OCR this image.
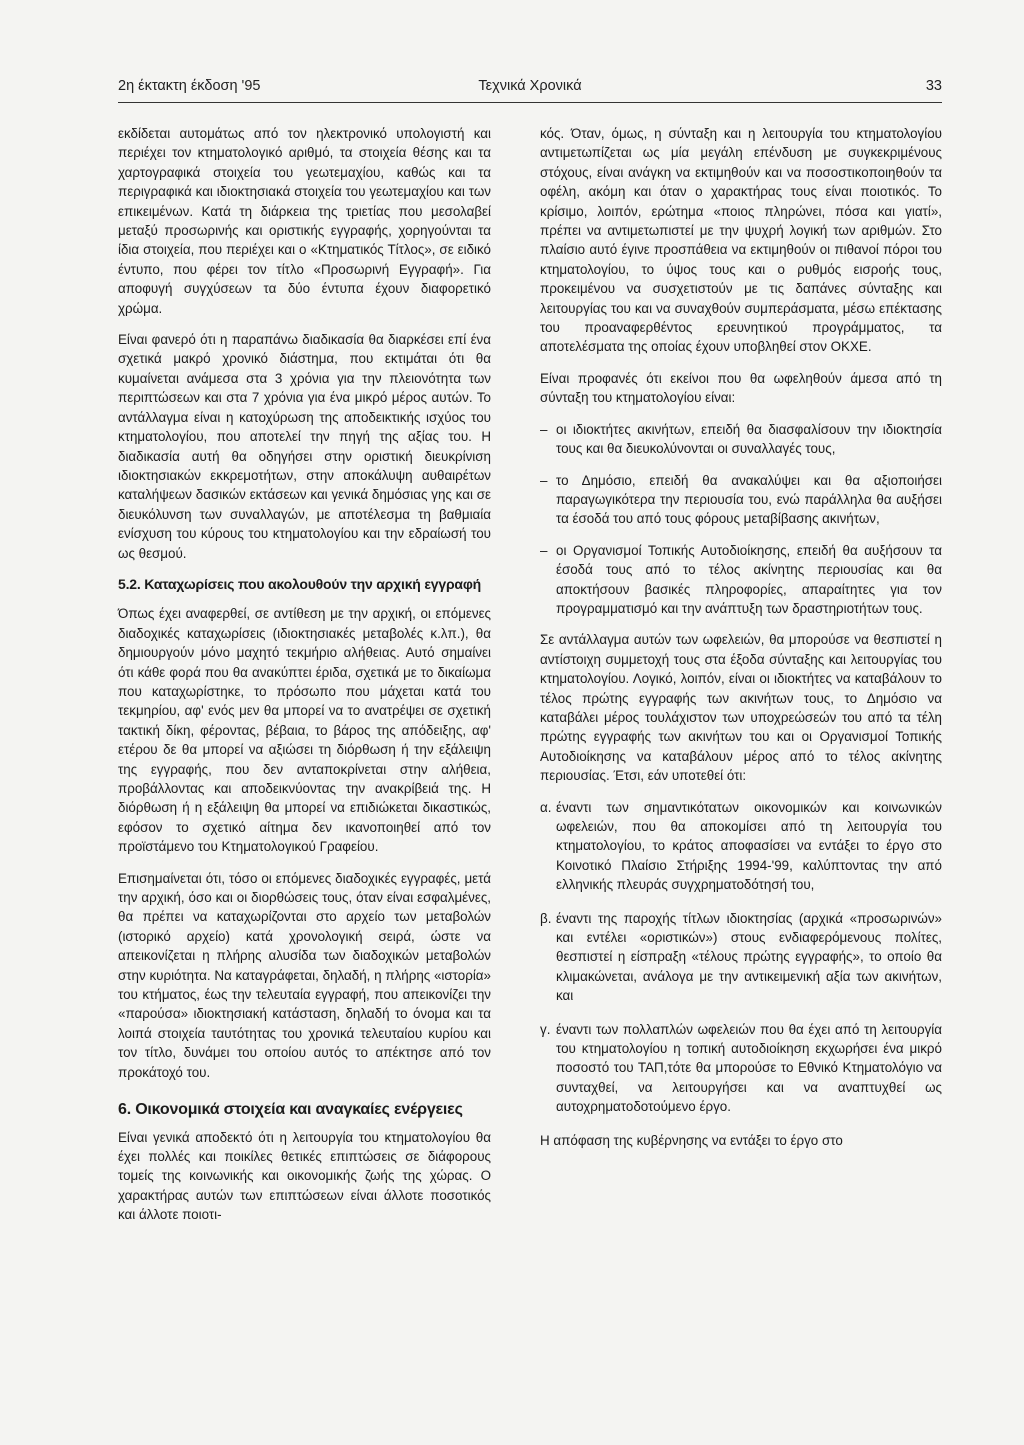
2η έκτακτη έκδοση '95	Τεχνικά Χρονικά	33

εκδίδεται αυτομάτως από τον ηλεκτρονικό υπολογιστή και περιέχει τον κτηματολογικό αριθμό, τα στοιχεία θέσης και τα χαρτογραφικά στοιχεία του γεωτεμαχίου, καθώς και τα περιγραφικά και ιδιοκτησιακά στοιχεία του γεωτεμαχίου και των επικειμένων. Κατά τη διάρκεια της τριετίας που μεσολαβεί μεταξύ προσωρινής και οριστικής εγγραφής, χορηγούνται τα ίδια στοιχεία, που περιέχει και ο «Κτηματικός Τίτλος», σε ειδικό έντυπο, που φέρει τον τίτλο «Προσωρινή Εγγραφή». Για αποφυγή συγχύσεων τα δύο έντυπα έχουν διαφορετικό χρώμα.

Είναι φανερό ότι η παραπάνω διαδικασία θα διαρκέσει επί ένα σχετικά μακρό χρονικό διάστημα, που εκτιμάται ότι θα κυμαίνεται ανάμεσα στα 3 χρόνια για την πλειονότητα των περιπτώσεων και στα 7 χρόνια για ένα μικρό μέρος αυτών. Το αντάλλαγμα είναι η κατοχύρωση της αποδεικτικής ισχύος του κτηματολογίου, που αποτελεί την πηγή της αξίας του. Η διαδικασία αυτή θα οδηγήσει στην οριστική διευκρίνιση ιδιοκτησιακών εκκρεμοτήτων, στην αποκάλυψη αυθαιρέτων καταλήψεων δασικών εκτάσεων και γενικά δημόσιας γης και σε διευκόλυνση των συναλλαγών, με αποτέλεσμα τη βαθμιαία ενίσχυση του κύρους του κτηματολογίου και την εδραίωσή του ως θεσμού.

5.2. Καταχωρίσεις που ακολουθούν την αρχική εγγραφή

Όπως έχει αναφερθεί, σε αντίθεση με την αρχική, οι επόμενες διαδοχικές καταχωρίσεις (ιδιοκτησιακές μεταβολές κ.λπ.), θα δημιουργούν μόνο μαχητό τεκμήριο αλήθειας. Αυτό σημαίνει ότι κάθε φορά που θα ανακύπτει έριδα, σχετικά με το δικαίωμα που καταχωρίστηκε, το πρόσωπο που μάχεται κατά του τεκμηρίου, αφ' ενός μεν θα μπορεί να το ανατρέψει σε σχετική τακτική δίκη, φέροντας, βέβαια, το βάρος της απόδειξης, αφ' ετέρου δε θα μπορεί να αξιώσει τη διόρθωση ή την εξάλειψη της εγγραφής, που δεν ανταποκρίνεται στην αλήθεια, προβάλλοντας και αποδεικνύοντας την ανακρίβειά της. Η διόρθωση ή η εξάλειψη θα μπορεί να επιδιώκεται δικαστικώς, εφόσον το σχετικό αίτημα δεν ικανοποιηθεί από τον προϊστάμενο του Κτηματολογικού Γραφείου.

Επισημαίνεται ότι, τόσο οι επόμενες διαδοχικές εγγραφές, μετά την αρχική, όσο και οι διορθώσεις τους, όταν είναι εσφαλμένες, θα πρέπει να καταχωρίζονται στο αρχείο των μεταβολών (ιστορικό αρχείο) κατά χρονολογική σειρά, ώστε να απεικονίζεται η πλήρης αλυσίδα των διαδοχικών μεταβολών στην κυριότητα. Να καταγράφεται, δηλαδή, η πλήρης «ιστορία» του κτήματος, έως την τελευταία εγγραφή, που απεικονίζει την «παρούσα» ιδιοκτησιακή κατάσταση, δηλαδή το όνομα και τα λοιπά στοιχεία ταυτότητας του χρονικά τελευταίου κυρίου και τον τίτλο, δυνάμει του οποίου αυτός το απέκτησε από τον προκάτοχό του.

6. Οικονομικά στοιχεία και αναγκαίες ενέργειες

Είναι γενικά αποδεκτό ότι η λειτουργία του κτηματολογίου θα έχει πολλές και ποικίλες θετικές επιπτώσεις σε διάφορους τομείς της κοινωνικής και οικονομικής ζωής της χώρας. Ο χαρακτήρας αυτών των επιπτώσεων είναι άλλοτε ποσοτικός και άλλοτε ποιοτι-

κός. Όταν, όμως, η σύνταξη και η λειτουργία του κτηματολογίου αντιμετωπίζεται ως μία μεγάλη επένδυση με συγκεκριμένους στόχους, είναι ανάγκη να εκτιμηθούν και να ποσοστικοποιηθούν τα οφέλη, ακόμη και όταν ο χαρακτήρας τους είναι ποιοτικός. Το κρίσιμο, λοιπόν, ερώτημα «ποιος πληρώνει, πόσα και γιατί», πρέπει να αντιμετωπιστεί με την ψυχρή λογική των αριθμών. Στο πλαίσιο αυτό έγινε προσπάθεια να εκτιμηθούν οι πιθανοί πόροι του κτηματολογίου, το ύψος τους και ο ρυθμός εισροής τους, προκειμένου να συσχετιστούν με τις δαπάνες σύνταξης και λειτουργίας του και να συναχθούν συμπεράσματα, μέσω επέκτασης του προαναφερθέντος ερευνητικού προγράμματος, τα αποτελέσματα της οποίας έχουν υποβληθεί στον ΟΚΧΕ.

Είναι προφανές ότι εκείνοι που θα ωφεληθούν άμεσα από τη σύνταξη του κτηματολογίου είναι:

– οι ιδιοκτήτες ακινήτων, επειδή θα διασφαλίσουν την ιδιοκτησία τους και θα διευκολύνονται οι συναλλαγές τους,
– το Δημόσιο, επειδή θα ανακαλύψει και θα αξιοποιήσει παραγωγικότερα την περιουσία του, ενώ παράλληλα θα αυξήσει τα έσοδά του από τους φόρους μεταβίβασης ακινήτων,
– οι Οργανισμοί Τοπικής Αυτοδιοίκησης, επειδή θα αυξήσουν τα έσοδά τους από το τέλος ακίνητης περιουσίας και θα αποκτήσουν βασικές πληροφορίες, απαραίτητες για τον προγραμματισμό και την ανάπτυξη των δραστηριοτήτων τους.

Σε αντάλλαγμα αυτών των ωφελειών, θα μπορούσε να θεσπιστεί η αντίστοιχη συμμετοχή τους στα έξοδα σύνταξης και λειτουργίας του κτηματολογίου. Λογικό, λοιπόν, είναι οι ιδιοκτήτες να καταβάλουν το τέλος πρώτης εγγραφής των ακινήτων τους, το Δημόσιο να καταβάλει μέρος τουλάχιστον των υποχρεώσεών του από τα τέλη πρώτης εγγραφής των ακινήτων του και οι Οργανισμοί Τοπικής Αυτοδιοίκησης να καταβάλουν μέρος από το τέλος ακίνητης περιουσίας. Έτσι, εάν υποτεθεί ότι:

α. έναντι των σημαντικότατων οικονομικών και κοινωνικών ωφελειών, που θα αποκομίσει από τη λειτουργία του κτηματολογίου, το κράτος αποφασίσει να εντάξει το έργο στο Κοινοτικό Πλαίσιο Στήριξης 1994-'99, καλύπτοντας την από ελληνικής πλευράς συγχρηματοδότησή του,
β. έναντι της παροχής τίτλων ιδιοκτησίας (αρχικά «προσωρινών» και εντέλει «οριστικών») στους ενδιαφερόμενους πολίτες, θεσπιστεί η είσπραξη «τέλους πρώτης εγγραφής», το οποίο θα κλιμακώνεται, ανάλογα με την αντικειμενική αξία των ακινήτων, και
γ. έναντι των πολλαπλών ωφελειών που θα έχει από τη λειτουργία του κτηματολογίου η τοπική αυτοδιοίκηση εκχωρήσει ένα μικρό ποσοστό του ΤΑΠ,τότε θα μπορούσε το Εθνικό Κτηματολόγιο να συνταχθεί, να λειτουργήσει και να αναπτυχθεί ως αυτοχρηματοδοτούμενο έργο.

Η απόφαση της κυβέρνησης να εντάξει το έργο στο
